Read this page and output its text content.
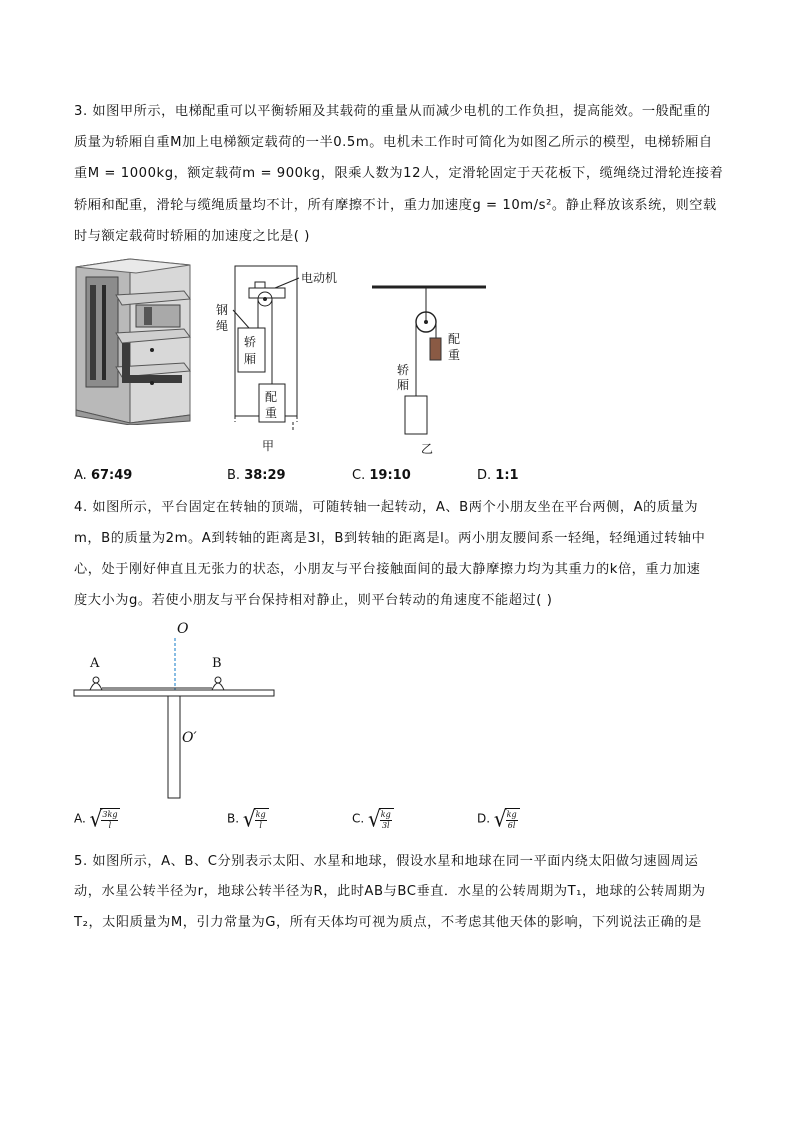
3. 如图甲所示，电梯配重可以平衡轿厢及其载荷的重量从而减少电机的工作负担，提高能效。一般配重的
质量为轿厢自重M加上电梯额定载荷的一半0.5m。电机未工作时可简化为如图乙所示的模型，电梯轿厢自
重M = 1000kg，额定载荷m = 900kg，限乘人数为12人，定滑轮固定于天花板下，缆绳绕过滑轮连接着
轿厢和配重，滑轮与缆绳质量均不计，所有摩擦不计，重力加速度g = 10m/s²。静止释放该系统，则空载
时与额定载荷时轿厢的加速度之比是( )
电动机
钢
绳
轿
厢
配
重
甲
配
重
轿
厢
乙
A. 67:49	B. 38:29	C. 19:10	D. 1:1
4. 如图所示，平台固定在转轴的顶端，可随转轴一起转动，A、B两个小朋友坐在平台两侧，A的质量为
m，B的质量为2m。A到转轴的距离是3l，B到转轴的距离是l。两小朋友腰间系一轻绳，轻绳通过转轴中
心，处于刚好伸直且无张力的状态，小朋友与平台接触面间的最大静摩擦力均为其重力的k倍，重力加速
度大小为g。若使小朋友与平台保持相对静止，则平台转动的角速度不能超过( )
O
O′
A	B
A. √ $\frac{3kg}{l}$	B. √ $\frac{kg}{l}$	C. √ $\frac{kg}{3l}$	D. √ $\frac{kg}{6l}$
5. 如图所示，A、B、C分别表示太阳、水星和地球，假设水星和地球在同一平面内绕太阳做匀速圆周运
动，水星公转半径为r，地球公转半径为R，此时AB与BC垂直．水星的公转周期为T₁，地球的公转周期为
T₂，太阳质量为M，引力常量为G，所有天体均可视为质点，不考虑其他天体的影响，下列说法正确的是
